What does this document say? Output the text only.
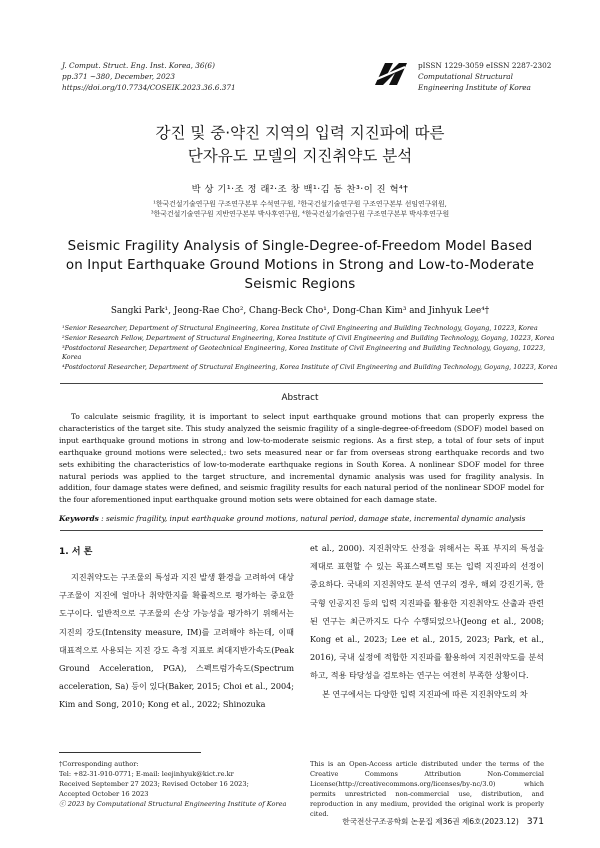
J. Comput. Struct. Eng. Inst. Korea, 36(6)
pp.371 ~380, December, 2023
https://doi.org/10.7734/COSEIK.2023.36.6.371
pISSN 1229-3059 eISSN 2287-2302
Computational Structural
Engineering Institute of Korea
강진 및 중·약진 지역의 입력 지진파에 따른
단자유도 모델의 지진취약도 분석
박 상 기¹·조 정 래²·조 창 백¹·김 동 찬³·이 진 혁⁴†
¹한국건설기술연구원 구조연구본부 수석연구원, ²한국건설기술연구원 구조연구본부 선임연구위원,
³한국건설기술연구원 지반연구본부 박사후연구원, ⁴한국건설기술연구원 구조연구본부 박사후연구원
Seismic Fragility Analysis of Single-Degree-of-Freedom Model Based
on Input Earthquake Ground Motions in Strong and Low-to-Moderate
Seismic Regions
Sangki Park¹, Jeong-Rae Cho², Chang-Beck Cho¹, Dong-Chan Kim³ and Jinhyuk Lee⁴†
¹Senior Researcher, Department of Structural Engineering, Korea Institute of Civil Engineering and Building Technology, Goyang, 10223, Korea
²Senior Research Fellow, Department of Structural Engineering, Korea Institute of Civil Engineering and Building Technology, Goyang, 10223, Korea
³Postdoctoral Researcher, Department of Geotechnical Engineering, Korea Institute of Civil Engineering and Building Technology, Goyang, 10223, Korea
⁴Postdoctoral Researcher, Department of Structural Engineering, Korea Institute of Civil Engineering and Building Technology, Goyang, 10223, Korea
Abstract
To calculate seismic fragility, it is important to select input earthquake ground motions that can properly express the characteristics of the target site. This study analyzed the seismic fragility of a single-degree-of-freedom (SDOF) model based on input earthquake ground motions in strong and low-to-moderate seismic regions. As a first step, a total of four sets of input earthquake ground motions were selected,: two sets measured near or far from overseas strong earthquake records and two sets exhibiting the characteristics of low-to-moderate earthquake regions in South Korea. A nonlinear SDOF model for three natural periods was applied to the target structure, and incremental dynamic analysis was used for fragility analysis. In addition, four damage states were defined, and seismic fragility results for each natural period of the nonlinear SDOF model for the four aforementioned input earthquake ground motion sets were obtained for each damage state.
Keywords : seismic fragility, input earthquake ground motions, natural period, damage state, incremental dynamic analysis
1. 서 론
지진취약도는 구조물의 특성과 지진 발생 환경을 고려하여 대상 구조물이 지진에 얼마나 취약한지를 확률적으로 평가하는 중요한 도구이다. 일반적으로 구조물의 손상 가능성을 평가하기 위해서는 지진의 강도(Intensity measure, IM)를 고려해야 하는데, 이때 대표적으로 사용되는 지진 강도 측정 지표로 최대지반가속도(Peak Ground Acceleration, PGA), 스펙트럼가속도(Spectrum acceleration, Sa) 등이 있다(Baker, 2015; Choi et al., 2004; Kim and Song, 2010; Kong et al., 2022; Shinozuka

et al., 2000). 지진취약도 산정을 위해서는 목표 부지의 특성을 제대로 표현할 수 있는 목표스펙트럼 또는 입력 지진파의 선정이 중요하다. 국내의 지진취약도 분석 연구의 경우, 해외 강진기록, 한국형 인공지진 등의 입력 지진파를 활용한 지진취약도 산출과 관련된 연구는 최근까지도 다수 수행되었으나(Jeong et al., 2008; Kong et al., 2023; Lee et al., 2015, 2023; Park, et al., 2016), 국내 실정에 적합한 지진파를 활용하여 지진취약도를 분석하고, 적용 타당성을 검토하는 연구는 여전히 부족한 상황이다.

본 연구에서는 다양한 입력 지진파에 따른 지진취약도의 차

†Corresponding author:
Tel: +82-31-910-0771; E-mail: leejinhyuk@kict.re.kr
Received September 27 2023; Revised October 16 2023;
Accepted October 16 2023
ⓒ 2023 by Computational Structural Engineering Institute of Korea
This is an Open-Access article distributed under the terms of the Creative Commons Attribution Non-Commercial License(http://creativecommons.org/licenses/by-nc/3.0) which permits unrestricted non-commercial use, distribution, and reproduction in any medium, provided the original work is properly cited.
한국전산구조공학회 논문집 제36권 제6호(2023.12) 371
